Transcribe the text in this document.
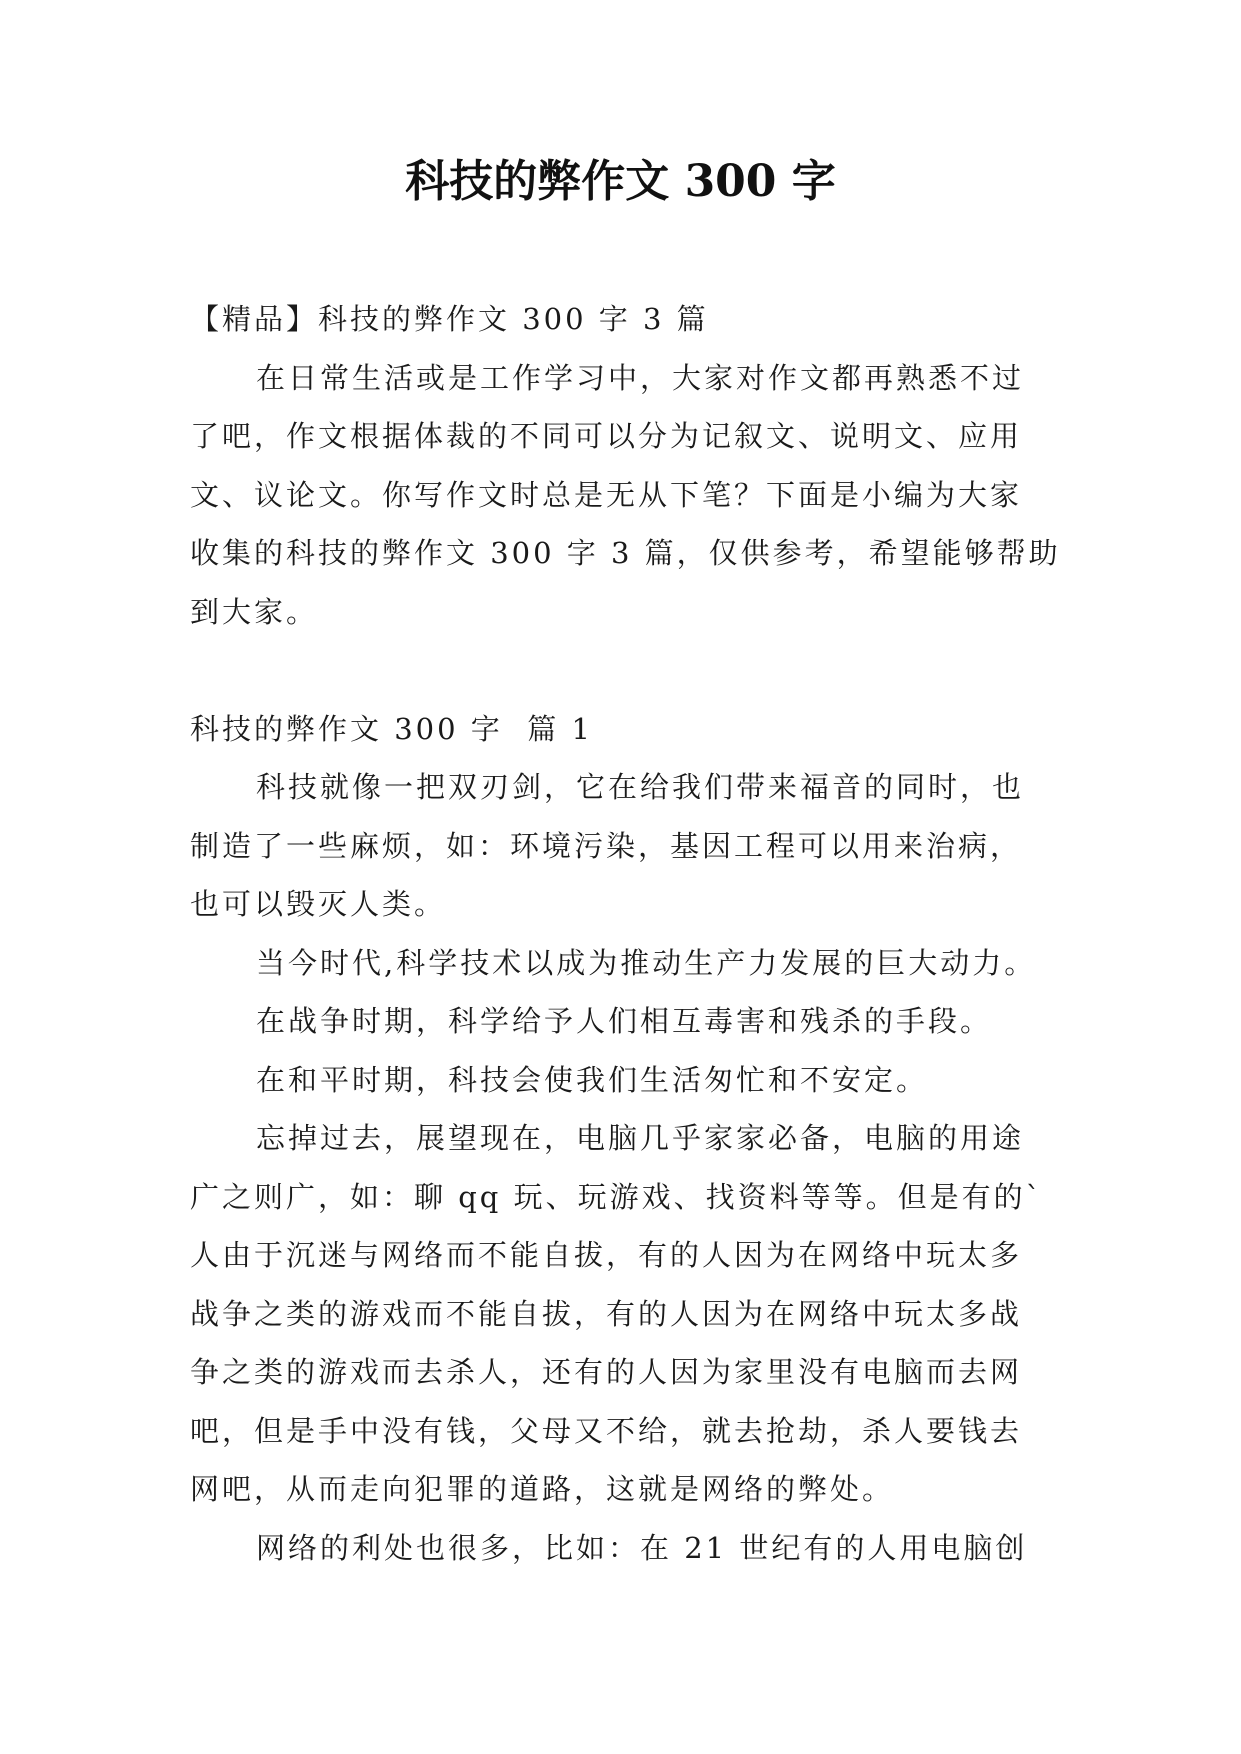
科技的弊作文 300 字

【精品】科技的弊作文 300 字 3 篇

在日常生活或是工作学习中，大家对作文都再熟悉不过

了吧，作文根据体裁的不同可以分为记叙文、说明文、应用

文、议论文。你写作文时总是无从下笔？下面是小编为大家

收集的科技的弊作文 300 字 3 篇，仅供参考，希望能够帮助

到大家。

科技的弊作文 300 字  篇 1

科技就像一把双刃剑，它在给我们带来福音的同时，也

制造了一些麻烦，如：环境污染，基因工程可以用来治病，

也可以毁灭人类。

当今时代,科学技术以成为推动生产力发展的巨大动力。

在战争时期，科学给予人们相互毒害和残杀的手段。

在和平时期，科技会使我们生活匆忙和不安定。

忘掉过去，展望现在，电脑几乎家家必备，电脑的用途

广之则广，如：聊 qq 玩、玩游戏、找资料等等。但是有的`

人由于沉迷与网络而不能自拔，有的人因为在网络中玩太多

战争之类的游戏而不能自拔，有的人因为在网络中玩太多战

争之类的游戏而去杀人，还有的人因为家里没有电脑而去网

吧，但是手中没有钱，父母又不给，就去抢劫，杀人要钱去

网吧，从而走向犯罪的道路，这就是网络的弊处。

网络的利处也很多，比如：在 21 世纪有的人用电脑创
